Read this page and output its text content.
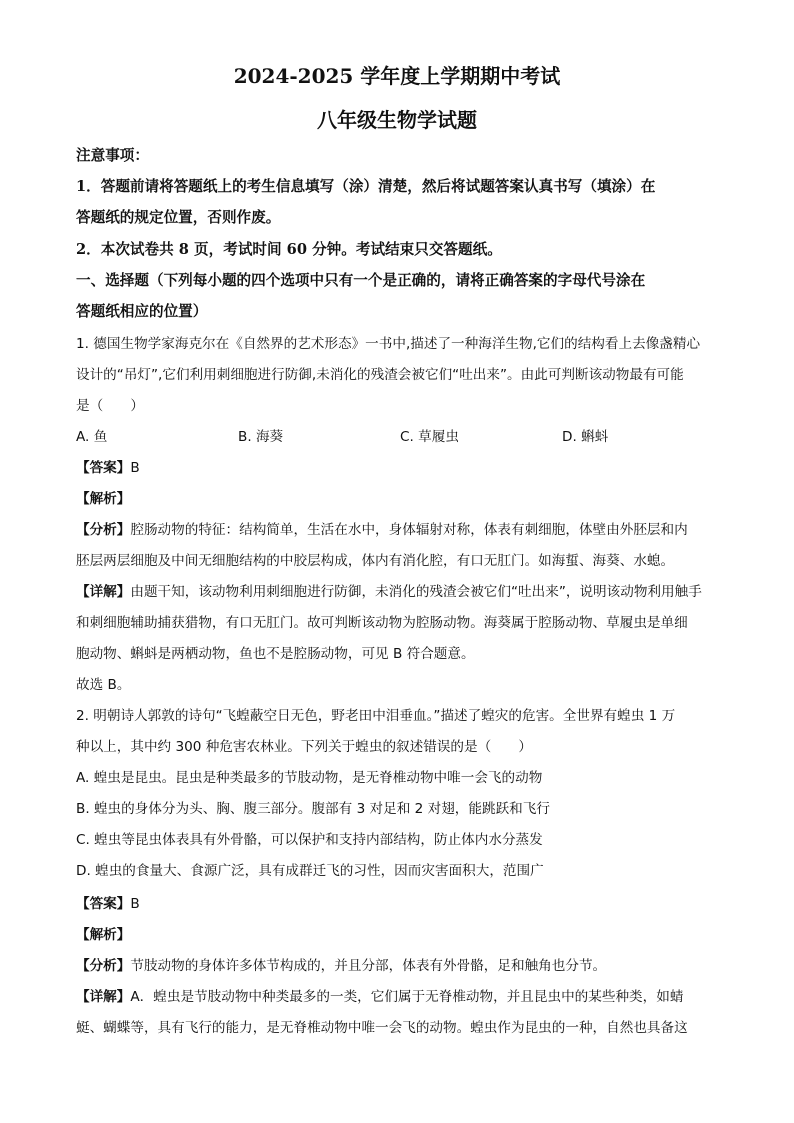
2024-2025 学年度上学期期中考试
八年级生物学试题
注意事项：
1．答题前请将答题纸上的考生信息填写（涂）清楚，然后将试题答案认真书写（填涂）在
答题纸的规定位置，否则作废。
2．本次试卷共 8 页，考试时间 60 分钟。考试结束只交答题纸。
一、选择题（下列每小题的四个选项中只有一个是正确的，请将正确答案的字母代号涂在
答题纸相应的位置）
1. 德国生物学家海克尔在《自然界的艺术形态》一书中,描述了一种海洋生物,它们的结构看上去像盏精心
设计的“吊灯”,它们利用刺细胞进行防御,未消化的残渣会被它们“吐出来”。由此可判断该动物最有可能
是（　　）
A. 鱼	B. 海葵	C. 草履虫	D. 蝌蚪
【答案】B
【解析】
【分析】腔肠动物的特征：结构简单，生活在水中，身体辐射对称，体表有刺细胞，体壁由外胚层和内
胚层两层细胞及中间无细胞结构的中胶层构成，体内有消化腔，有口无肛门。如海蜇、海葵、水螅。
【详解】由题干知，该动物利用刺细胞进行防御，未消化的残渣会被它们“吐出来”，说明该动物利用触手
和刺细胞辅助捕获猎物，有口无肛门。故可判断该动物为腔肠动物。海葵属于腔肠动物、草履虫是单细
胞动物、蝌蚪是两栖动物，鱼也不是腔肠动物，可见 B 符合题意。
故选 B。
2. 明朝诗人郭敦的诗句“飞蝗蔽空日无色，野老田中泪垂血。”描述了蝗灾的危害。全世界有蝗虫 1 万
种以上，其中约 300 种危害农林业。下列关于蝗虫的叙述错误的是（　　）
A. 蝗虫是昆虫。昆虫是种类最多的节肢动物，是无脊椎动物中唯一会飞的动物
B. 蝗虫的身体分为头、胸、腹三部分。腹部有 3 对足和 2 对翅，能跳跃和飞行
C. 蝗虫等昆虫体表具有外骨骼，可以保护和支持内部结构，防止体内水分蒸发
D. 蝗虫的食量大、食源广泛，具有成群迁飞的习性，因而灾害面积大，范围广
【答案】B
【解析】
【分析】节肢动物的身体许多体节构成的，并且分部，体表有外骨骼，足和触角也分节。
【详解】A．蝗虫是节肢动物中种类最多的一类，它们属于无脊椎动物，并且昆虫中的某些种类，如蜻
蜓、蝴蝶等，具有飞行的能力，是无脊椎动物中唯一会飞的动物。蝗虫作为昆虫的一种，自然也具备这
